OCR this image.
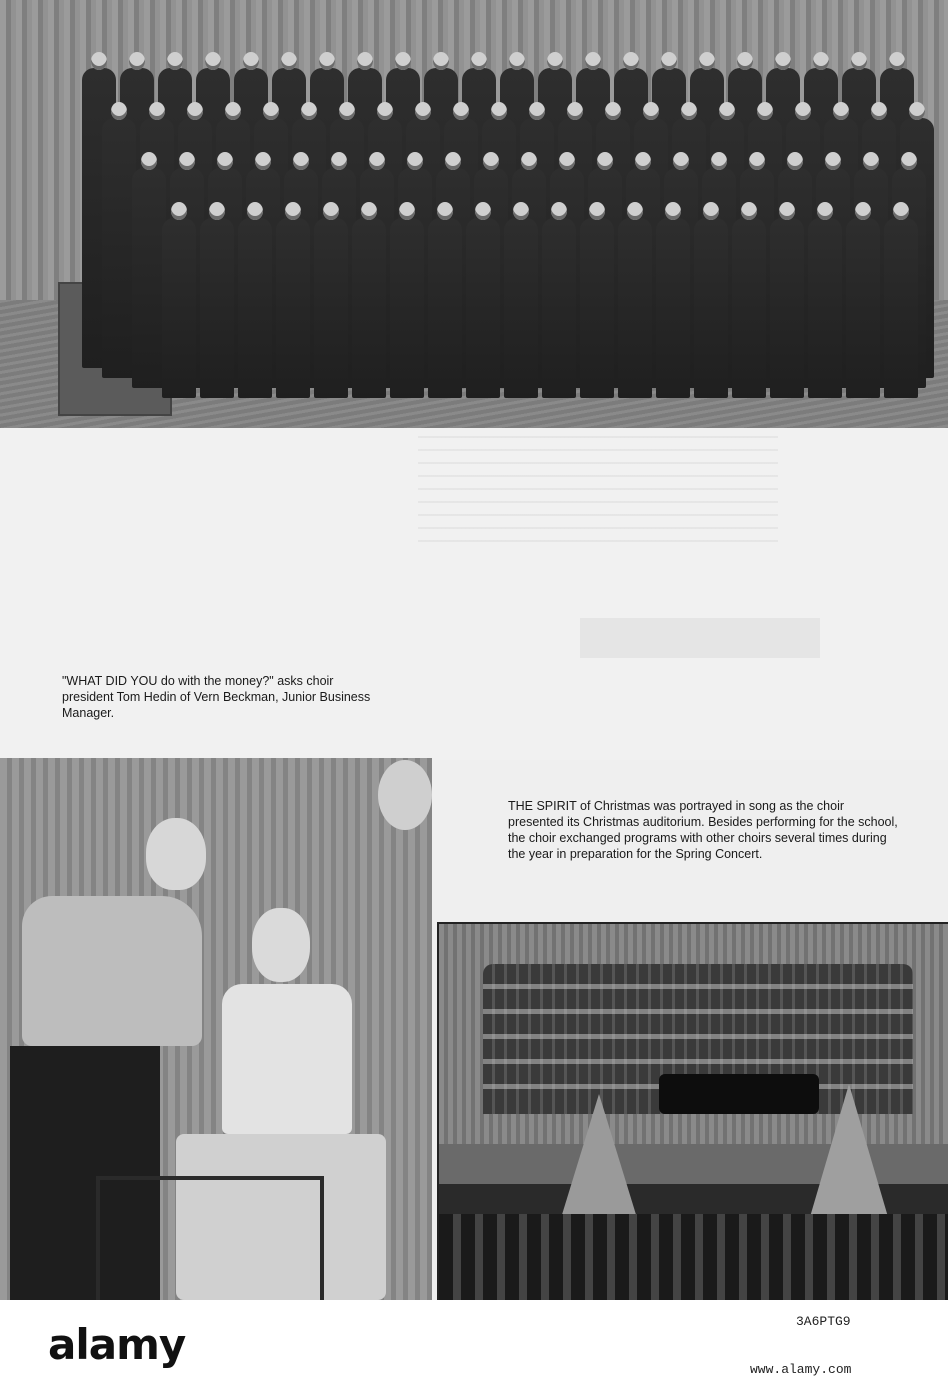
"WHAT DID YOU do with the money?" asks choir president Tom Hedin of Vern Beckman, Junior Business Manager.

THE SPIRIT of Christmas was portrayed in song as the choir presented its Christmas auditorium. Besides performing for the school, the choir exchanged programs with other choirs several times during the year in preparation for the Spring Concert.

alamy	3A6PTG9
www.alamy.com
